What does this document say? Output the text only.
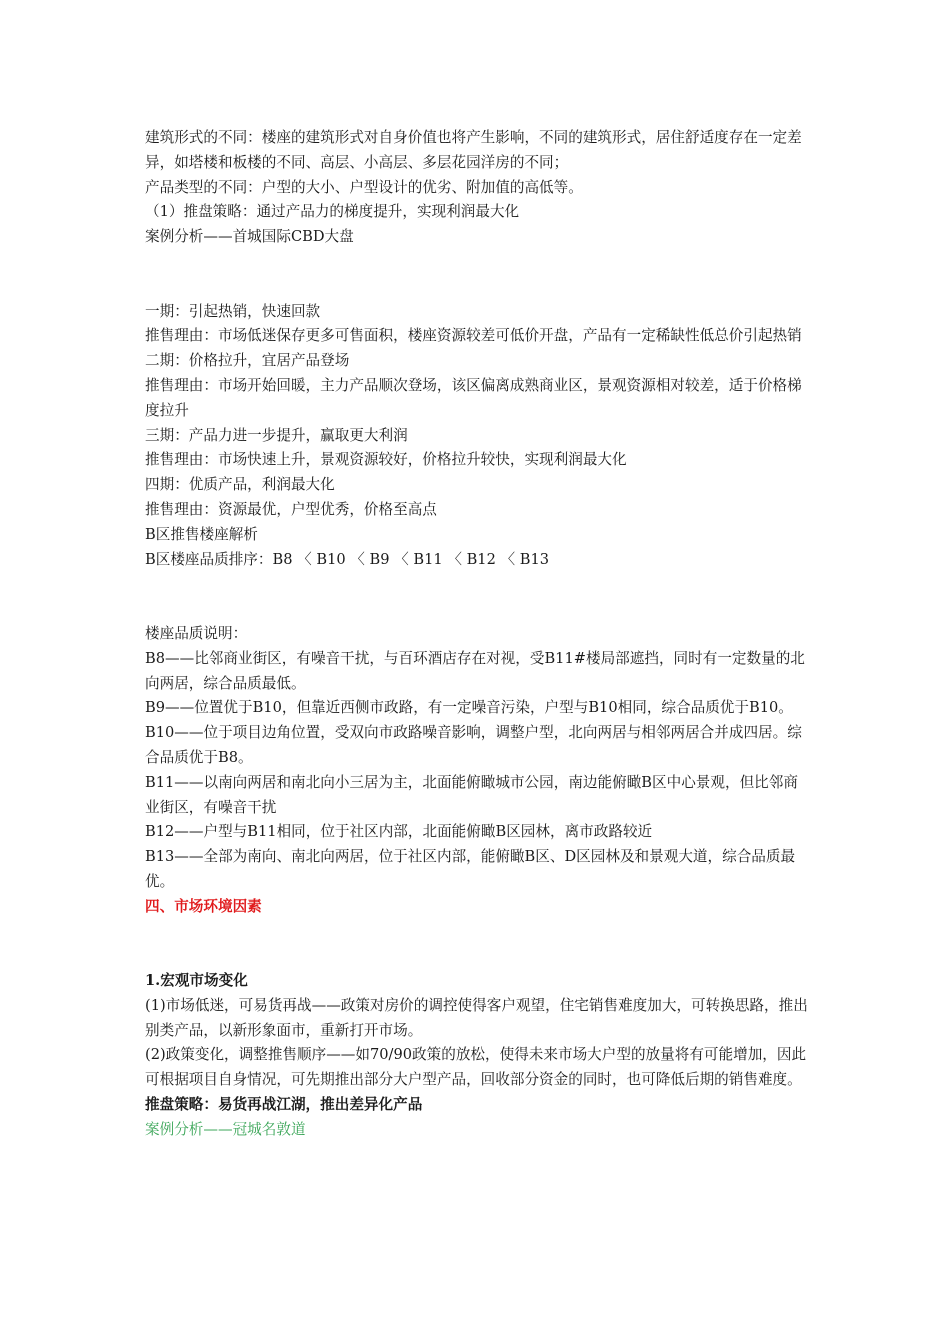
建筑形式的不同：楼座的建筑形式对自身价值也将产生影响，不同的建筑形式，居住舒适度存在一定差异，如塔楼和板楼的不同、高层、小高层、多层花园洋房的不同；

产品类型的不同：户型的大小、户型设计的优劣、附加值的高低等。

（1）推盘策略：通过产品力的梯度提升，实现利润最大化

案例分析——首城国际CBD大盘

一期：引起热销，快速回款

推售理由：市场低迷保存更多可售面积，楼座资源较差可低价开盘，产品有一定稀缺性低总价引起热销

二期：价格拉升，宜居产品登场

推售理由：市场开始回暖，主力产品顺次登场，该区偏离成熟商业区，景观资源相对较差，适于价格梯度拉升

三期：产品力进一步提升，赢取更大利润

推售理由：市场快速上升，景观资源较好，价格拉升较快，实现利润最大化

四期：优质产品，利润最大化

推售理由：资源最优，户型优秀，价格至高点

B区推售楼座解析

B区楼座品质排序：B8 〈 B10 〈 B9 〈 B11 〈 B12 〈 B13

楼座品质说明：

B8——比邻商业街区，有噪音干扰，与百环酒店存在对视，受B11#楼局部遮挡，同时有一定数量的北向两居，综合品质最低。

B9——位置优于B10，但靠近西侧市政路，有一定噪音污染，户型与B10相同，综合品质优于B10。

B10——位于项目边角位置，受双向市政路噪音影响，调整户型，北向两居与相邻两居合并成四居。综合品质优于B8。

B11——以南向两居和南北向小三居为主，北面能俯瞰城市公园，南边能俯瞰B区中心景观，但比邻商业街区，有噪音干扰

B12——户型与B11相同，位于社区内部，北面能俯瞰B区园林，离市政路较近

B13——全部为南向、南北向两居，位于社区内部，能俯瞰B区、D区园林及和景观大道，综合品质最优。

四、市场环境因素

1.宏观市场变化

(1)市场低迷，可易货再战——政策对房价的调控使得客户观望，住宅销售难度加大，可转换思路，推出别类产品，以新形象面市，重新打开市场。

(2)政策变化，调整推售顺序——如70/90政策的放松，使得未来市场大户型的放量将有可能增加，因此可根据项目自身情况，可先期推出部分大户型产品，回收部分资金的同时，也可降低后期的销售难度。

推盘策略：易货再战江湖，推出差异化产品

案例分析——冠城名敦道
